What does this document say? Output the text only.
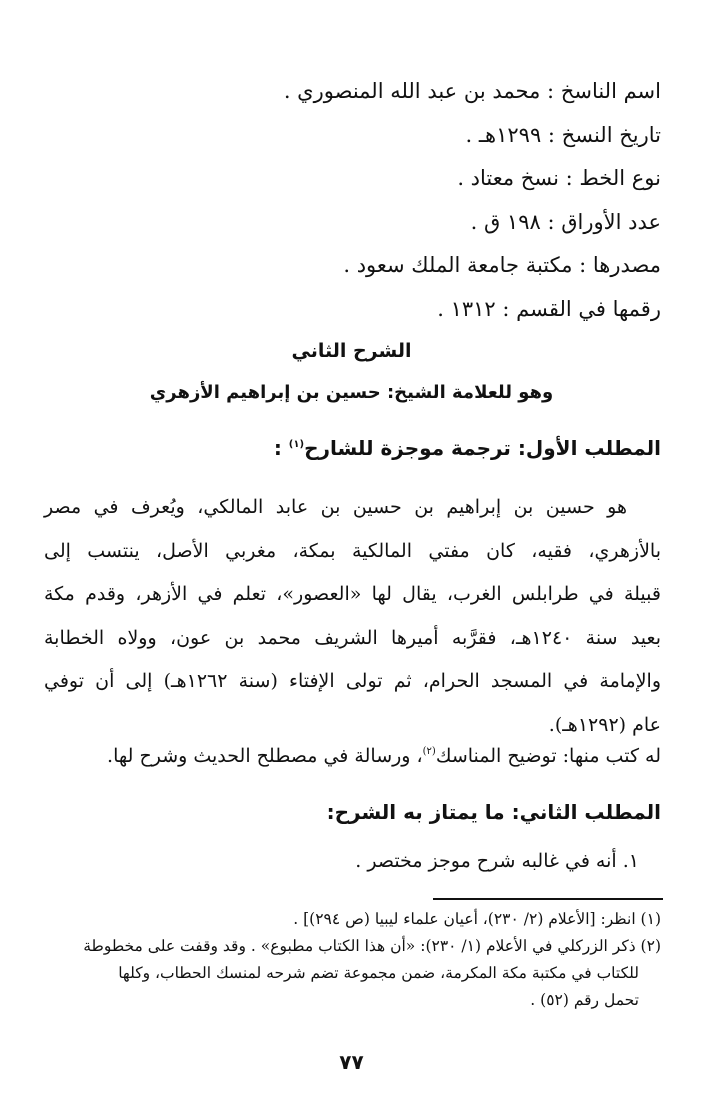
اسم الناسخ : محمد بن عبد الله المنصوري .
تاريخ النسخ : ١٢٩٩هـ .
نوع الخط : نسخ معتاد .
عدد الأوراق : ١٩٨ ق .
مصدرها : مكتبة جامعة الملك سعود .
رقمها في القسم : ١٣١٢ .
الشرح الثاني
وهو للعلامة الشيخ: حسين بن إبراهيم الأزهري
المطلب الأول: ترجمة موجزة للشارح$^{(١)}$ :
هو حسين بن إبراهيم بن حسين بن عابد المالكي، ويُعرف في مصر
بالأزهري، فقيه، كان مفتي المالكية بمكة، مغربي الأصل، ينتسب إلى
قبيلة في طرابلس الغرب، يقال لها «العصور»، تعلم في الأزهر، وقدم مكة
بعيد سنة ١٢٤٠هـ، فقرَّبه أميرها الشريف محمد بن عون، وولاه الخطابة
والإمامة في المسجد الحرام، ثم تولى الإفتاء (سنة ١٢٦٢هـ) إلى أن توفي
عام (١٢٩٢هـ).
له كتب منها: توضيح المناسك$^{(٢)}$، ورسالة في مصطلح الحديث وشرح لها.
المطلب الثاني: ما يمتاز به الشرح:
١. أنه في غالبه شرح موجز مختصر .
(١) انظر: [الأعلام (٢/ ٢٣٠)، أعيان علماء ليبيا (ص ٢٩٤)] .
(٢) ذكر الزركلي في الأعلام (١/ ٢٣٠): «أن هذا الكتاب مطبوع» . وقد وقفت على مخطوطة
للكتاب في مكتبة مكة المكرمة، ضمن مجموعة تضم شرحه لمنسك الحطاب، وكلها
تحمل رقم (٥٢) .
٧٧
